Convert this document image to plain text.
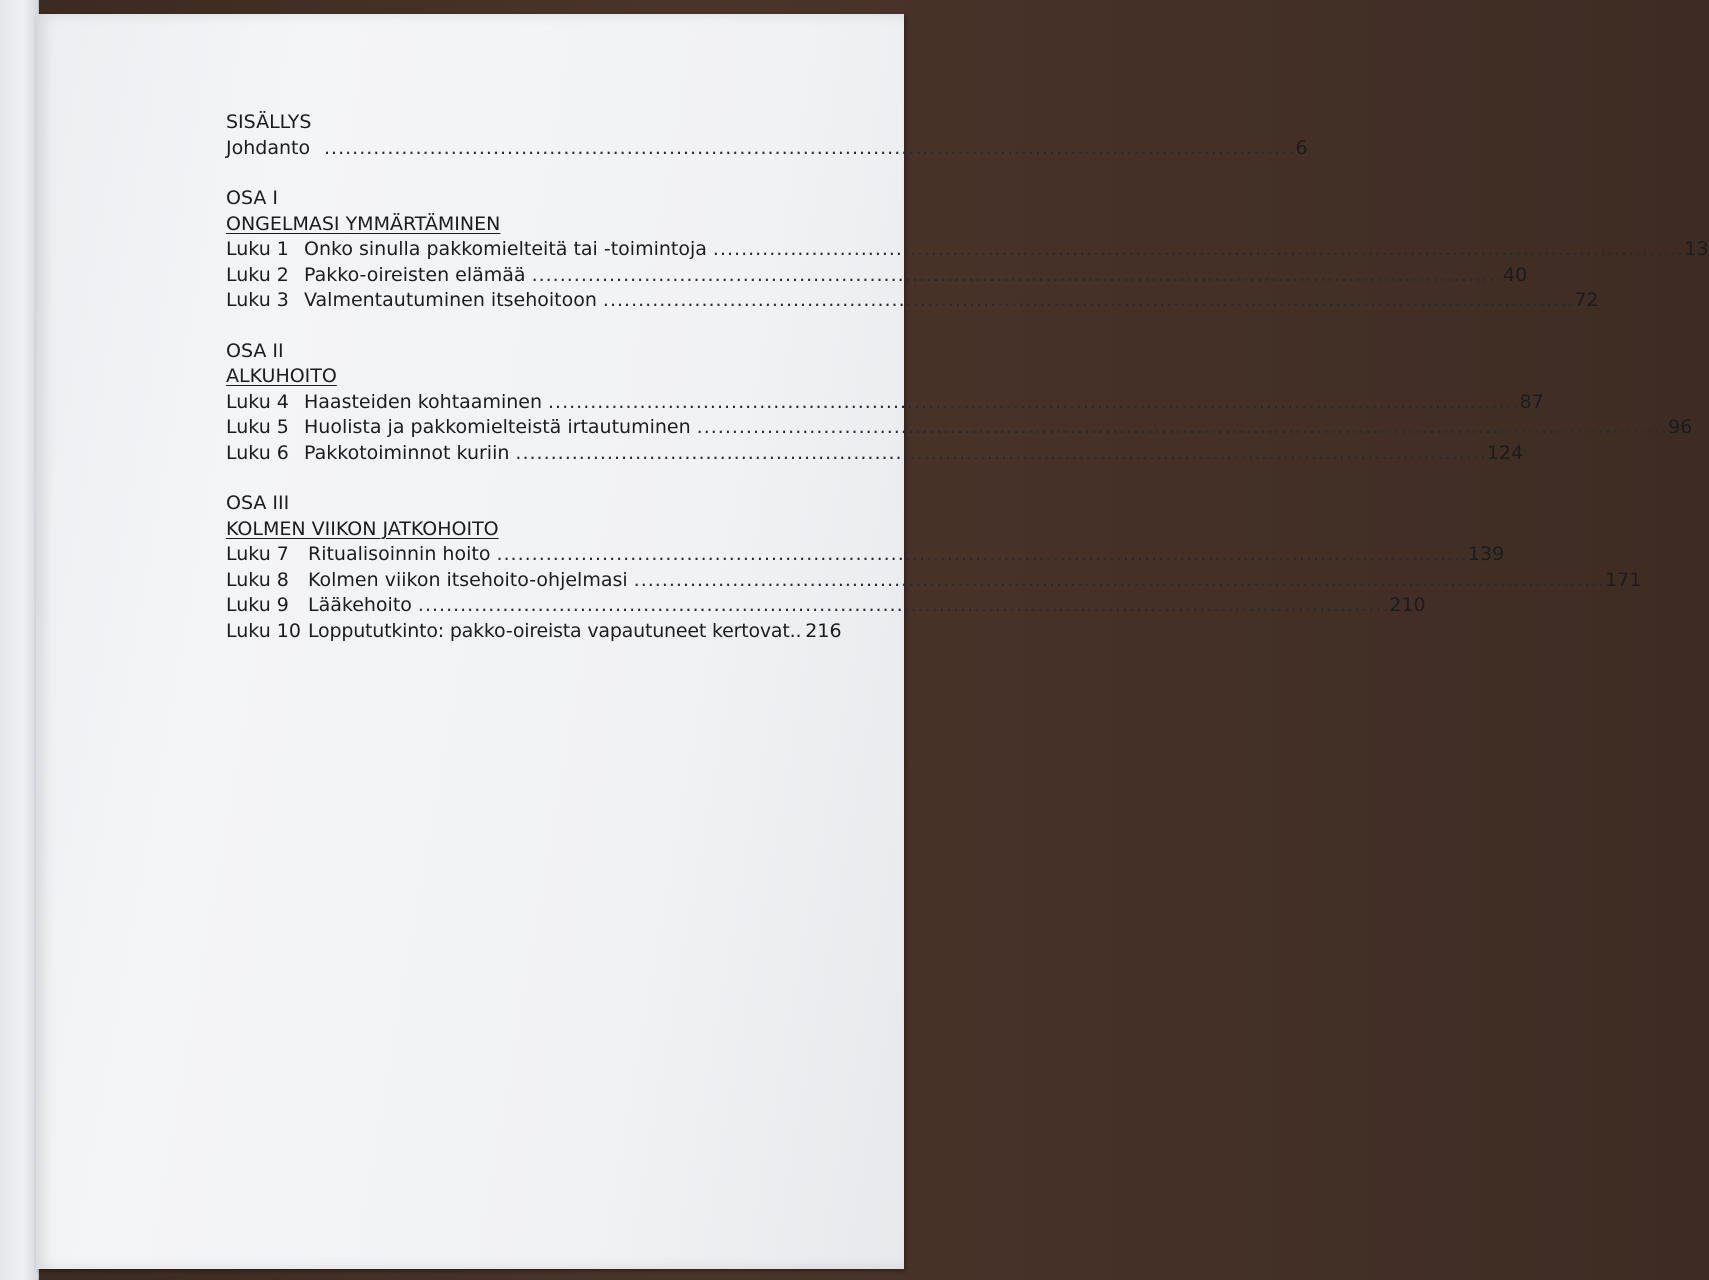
SISÄLLYS
Johdanto .......................................................................................................................................... 6
OSA I
ONGELMASI YMMÄRTÄMINEN
Luku 1 Onko sinulla pakkomielteitä tai -toimintoja .......................................................................................................................................... 13
Luku 2 Pakko-oireisten elämää .......................................................................................................................................... 40
Luku 3 Valmentautuminen itsehoitoon .......................................................................................................................................... 72
OSA II
ALKUHOITO
Luku 4 Haasteiden kohtaaminen .......................................................................................................................................... 87
Luku 5 Huolista ja pakkomielteistä irtautuminen .......................................................................................................................................... 96
Luku 6 Pakkotoiminnot kuriin .......................................................................................................................................... 124
OSA III
KOLMEN VIIKON JATKOHOITO
Luku 7	Ritualisoinnin hoito .......................................................................................................................................... 139
Luku 8	Kolmen viikon itsehoito-ohjelmasi .......................................................................................................................................... 171
Luku 9	Lääkehoito .......................................................................................................................................... 210
Luku 10 Loppututkinto: pakko-oireista vapautuneet kertovat.. 216
